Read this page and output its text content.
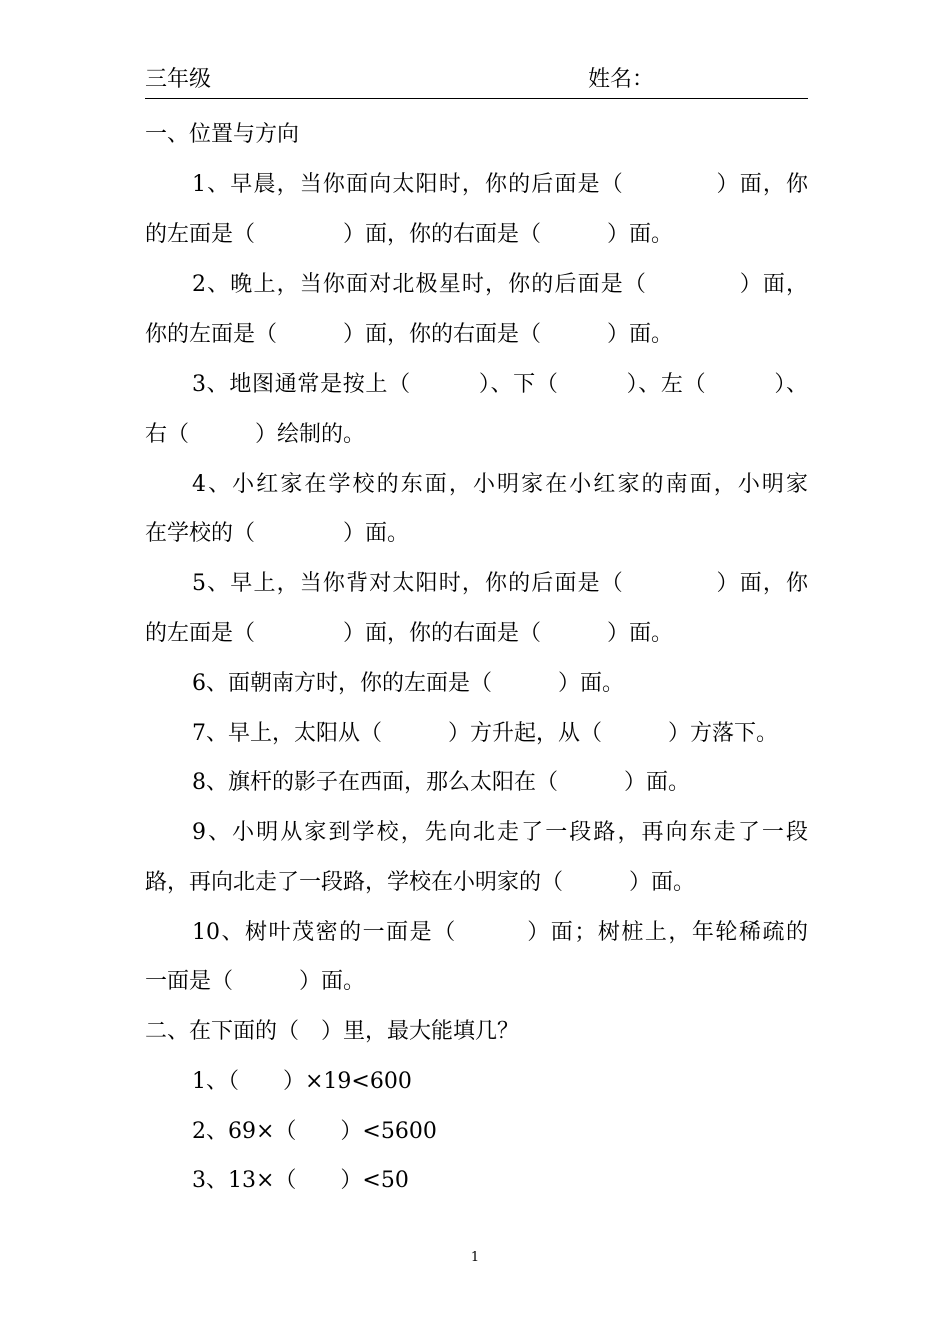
三年级	姓名：
一、位置与方向
1、早晨，当你面向太阳时，你的后面是（　　　　）面，你
的左面是（　　　　）面，你的右面是（　　　）面。
2、晚上，当你面对北极星时，你的后面是（　　　　）面，
你的左面是（　　　）面，你的右面是（　　　）面。
3、地图通常是按上（　　　）、下（　　　）、左（　　　）、
右（　　　）绘制的。
4、小红家在学校的东面，小明家在小红家的南面，小明家
在学校的（　　　　）面。
5、早上，当你背对太阳时，你的后面是（　　　　）面，你
的左面是（　　　　）面，你的右面是（　　　）面。
6、面朝南方时，你的左面是（　　　）面。
7、早上，太阳从（　　　）方升起，从（　　　）方落下。
8、旗杆的影子在西面，那么太阳在（　　　）面。
9、小明从家到学校，先向北走了一段路，再向东走了一段
路，再向北走了一段路，学校在小明家的（　　　）面。
10、树叶茂密的一面是（　　　）面；树桩上，年轮稀疏的
一面是（　　　）面。
二、在下面的（　）里，最大能填几？
1、（　　）×19<600
2、69×（　　）<5600
3、13×（　　）<50
1
